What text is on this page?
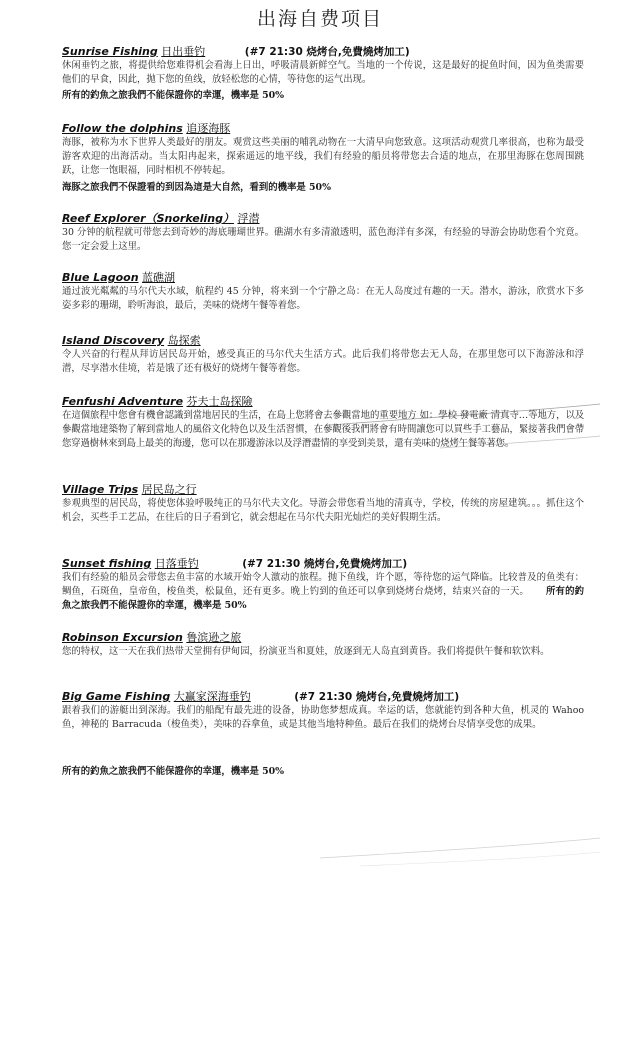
出海自费项目
Sunrise Fishing 日出垂钓	(#7 21:30 烧烤台,免費燒烤加工)

休闲垂钓之旅，将提供给您难得机会看海上日出，呼吸清晨新鲜空气。当地的一个传说，这是最好的捉鱼时间，因为鱼类需要他们的早食，因此，抛下您的鱼线，放轻松您的心情，等待您的运气出现。

所有的釣魚之旅我們不能保證你的幸運，機率是 50%
Follow the dolphins 追逐海豚

海豚，被称为水下世界人类最好的朋友。观赏这些美丽的哺乳动物在一大清早向您致意。这项活动观赏几率很高，也称为最受游客欢迎的出海活动。当太阳冉起来，探索遥远的地平线，我们有经验的船员将带您去合适的地点，在那里海豚在您周围跳跃，让您一饱眼福，同时相机不停转起。

海豚之旅我們不保證看的到因為這是大自然，看到的機率是 50%
Reef Explorer（Snorkeling） 浮潜

30 分钟的航程就可带您去到奇妙的海底珊瑚世界。礁湖水有多清澈透明，蓝色海洋有多深，有经验的导游会协助您看个究竟。您一定会爱上这里。

Blue Lagoon 蓝礁湖

通过波光粼粼的马尔代夫水域，航程约 45 分钟，将来到一个宁静之岛：在无人岛度过有趣的一天。潜水，游泳，欣赏水下多姿多彩的珊瑚，聆听海浪，最后，美味的烧烤午餐等着您。

Island Discovery 岛探索

令人兴奋的行程从拜访居民岛开始，感受真正的马尔代夫生活方式。此后我们将带您去无人岛，在那里您可以下海游泳和浮潜，尽享潜水佳境，若是饿了还有极好的烧烤午餐等着您。

Fenfushi Adventure 芬夫士岛探險

在這個旅程中您會有機會認識到當地居民的生活，在島上您將會去參觀當地的重要地方 如：學校 發電廠 清真寺…等地方，以及參觀當地建築物了解到當地人的風俗文化特色以及生活習慣，在參觀後我們將會有時間讓您可以買些手工藝品，緊接著我們會帶您穿過樹林來到島上最美的海邊，您可以在那邊游泳以及浮潛盡情的享受到美景，還有美味的烧烤午餐等著您。

Village Trips 居民岛之行

参观典型的居民岛，将使您体验呼吸纯正的马尔代夫文化。导游会带您看当地的清真寺，学校，传统的房屋建筑。。。抓住这个机会，买些手工艺品，在往后的日子看到它，就会想起在马尔代夫阳光灿烂的美好假期生活。

Sunset fishing 日落垂钓	(#7 21:30 燒烤台,免費燒烤加工)

我们有经验的船员会带您去鱼丰富的水域开始令人激动的旅程。抛下鱼线，许个愿，等待您的运气降临。比较普及的鱼类有：鲷鱼，石斑鱼，皇帝鱼，梭鱼类，松鼠鱼，还有更多。晚上钓到的鱼还可以拿到烧烤台烧烤，结束兴奋的一天。 所有的釣魚之旅我們不能保證你的幸運，機率是 50%

Robinson Excursion 鲁滨逊之旅

您的特权，这一天在我们热带天堂拥有伊甸园，扮演亚当和夏娃，放逐到无人岛直到黄昏。我们将提供午餐和软饮料。

Big Game Fishing 大赢家深海垂钓	(#7 21:30 燒烤台,免費燒烤加工)

跟着我们的游艇出到深海。我们的船配有最先进的设备，协助您梦想成真。幸运的话，您就能钓到各种大鱼，机灵的 Wahoo 鱼，神秘的 Barracuda（梭鱼类），美味的吞拿鱼，或是其他当地特种鱼。最后在我们的烧烤台尽情享受您的成果。

所有的釣魚之旅我們不能保證你的幸運，機率是 50%
